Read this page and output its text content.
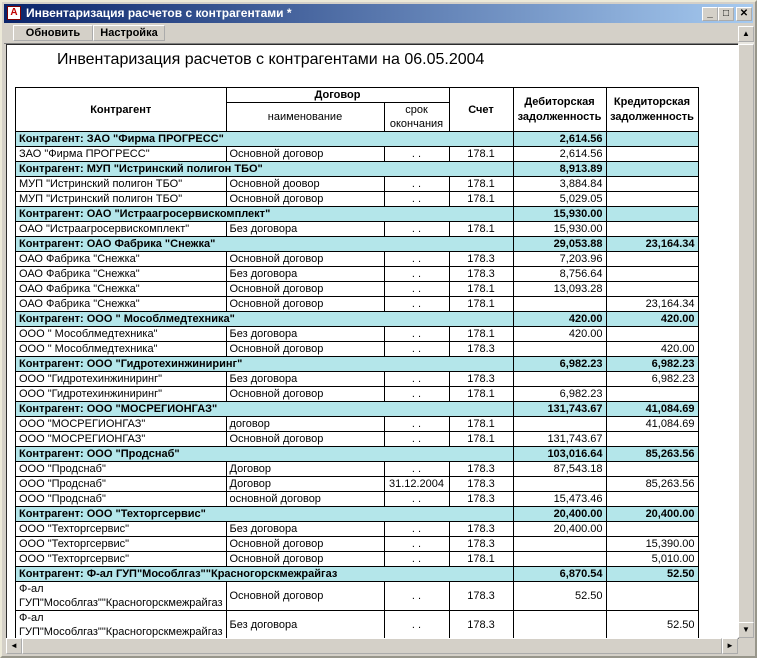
A Инвентаризация расчетов с контрагентами *	_	□	✕
Обновить	Настройка
Инвентаризация расчетов с контрагентами на 06.05.2004
Контрагент	Договор		Счет	Дебиторская задолженность	Кредиторская задолженность
	наименование	срок окончания			
Контрагент: ЗАО "Фирма ПРОГРЕСС"				2,614.56	
ЗАО "Фирма ПРОГРЕСС"	Основной договор	. .	178.1	2,614.56	
Контрагент: МУП "Истринский полигон ТБО"				8,913.89	
МУП "Истринский полигон ТБО"	Основной доовор	. .	178.1	3,884.84	
МУП "Истринский полигон ТБО"	Основной договор	. .	178.1	5,029.05	
Контрагент: ОАО "Истраагросервискомплект"				15,930.00	
ОАО "Истраагросервискомплект"	Без договора	. .	178.1	15,930.00	
Контрагент: ОАО Фабрика "Снежка"				29,053.88	23,164.34
ОАО Фабрика "Снежка"	Основной договор	. .	178.3	7,203.96	
ОАО Фабрика "Снежка"	Без договора	. .	178.3	8,756.64	
ОАО Фабрика "Снежка"	Основной договор	. .	178.1	13,093.28	
ОАО Фабрика "Снежка"	Основной договор	. .	178.1		23,164.34
Контрагент: ООО " Мособлмедтехника"				420.00	420.00
ООО " Мособлмедтехника"	Без договора	. .	178.1	420.00	
ООО " Мособлмедтехника"	Основной договор	. .	178.3		420.00
Контрагент: ООО "Гидротехинжиниринг"				6,982.23	6,982.23
ООО "Гидротехинжиниринг"	Без договора	. .	178.3		6,982.23
ООО "Гидротехинжиниринг"	Основной договор	. .	178.1	6,982.23	
Контрагент: ООО "МОСРЕГИОНГАЗ"				131,743.67	41,084.69
ООО "МОСРЕГИОНГАЗ"	договор	. .	178.1		41,084.69
ООО "МОСРЕГИОНГАЗ"	Основной договор	. .	178.1	131,743.67	
Контрагент: ООО "Продснаб"				103,016.64	85,263.56
ООО "Продснаб"	Договор	. .	178.3	87,543.18	
ООО "Продснаб"	Договор	31.12.2004	178.3		85,263.56
ООО "Продснаб"	основной договор	. .	178.3	15,473.46	
Контрагент: ООО "Техторгсервис"				20,400.00	20,400.00
ООО "Техторгсервис"	Без договора	. .	178.3	20,400.00	
ООО "Техторгсервис"	Основной договор	. .	178.3		15,390.00
ООО "Техторгсервис"	Основной договор	. .	178.1		5,010.00
Контрагент: Ф-ал ГУП"Мособлгаз""Красногорскмежрайгаз				6,870.54	52.50
Ф-ал ГУП"Мособлгаз""Красногорскмежрайгаз	Основной договор	. .	178.3	52.50	
Ф-ал ГУП"Мособлгаз""Красногорскмежрайгаз	Без договора	. .	178.3		52.50
▲
▼
◄	►
